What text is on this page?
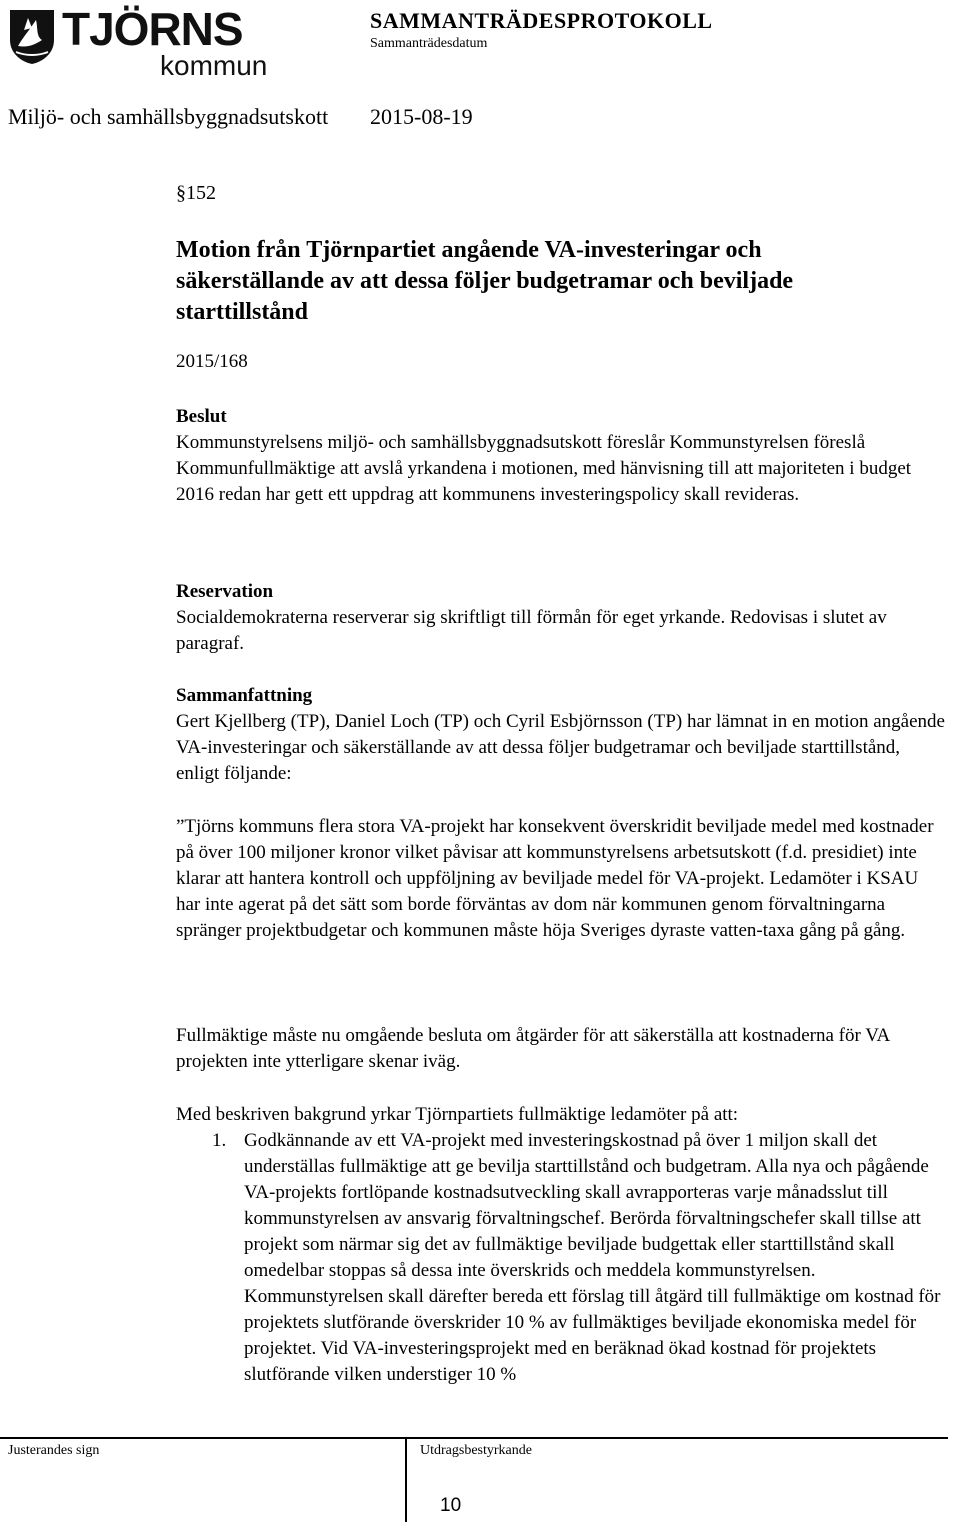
TJÖRNS
kommun
SAMMANTRÄDESPROTOKOLL
Sammanträdesdatum
Miljö- och samhällsbyggnadsutskott 2015-08-19
§152
Motion från Tjörnpartiet angående VA-investeringar och säkerställande av att dessa följer budgetramar och beviljade starttillstånd
2015/168

Beslut

Kommunstyrelsens miljö- och samhällsbyggnadsutskott föreslår Kommunstyrelsen föreslå Kommunfullmäktige att avslå yrkandena i motionen, med hänvisning till att majoriteten i budget 2016 redan har gett ett uppdrag att kommunens investeringspolicy skall revideras.

Reservation

Socialdemokraterna reserverar sig skriftligt till förmån för eget yrkande. Redovisas i slutet av paragraf.

Sammanfattning

Gert Kjellberg (TP), Daniel Loch (TP) och Cyril Esbjörnsson (TP) har lämnat in en motion angående VA-investeringar och säkerställande av att dessa följer budgetramar och beviljade starttillstånd, enligt följande:

”Tjörns kommuns flera stora VA-projekt har konsekvent överskridit beviljade medel med kostnader på över 100 miljoner kronor vilket påvisar att kommunstyrelsens arbetsutskott (f.d. presidiet) inte klarar att hantera kontroll och uppföljning av beviljade medel för VA-projekt. Ledamöter i KSAU har inte agerat på det sätt som borde förväntas av dom när kommunen genom förvaltningarna spränger projektbudgetar och kommunen måste höja Sveriges dyraste vatten-taxa gång på gång.

Fullmäktige måste nu omgående besluta om åtgärder för att säkerställa att kostnaderna för VA projekten inte ytterligare skenar iväg.

Med beskriven bakgrund yrkar Tjörnpartiets fullmäktige ledamöter på att:

1. Godkännande av ett VA-projekt med investeringskostnad på över 1 miljon skall det underställas fullmäktige att ge bevilja starttillstånd och budgetram. Alla nya och pågående VA-projekts fortlöpande kostnadsutveckling skall avrapporteras varje månadsslut till kommunstyrelsen av ansvarig förvaltningschef. Berörda förvaltningschefer skall tillse att projekt som närmar sig det av fullmäktige beviljade budgettak eller starttillstånd skall omedelbar stoppas så dessa inte överskrids och meddela kommunstyrelsen. Kommunstyrelsen skall därefter bereda ett förslag till åtgärd till fullmäktige om kostnad för projektets slutförande överskrider 10 % av fullmäktiges beviljade ekonomiska medel för projektet. Vid VA-investeringsprojekt med en beräknad ökad kostnad för projektets slutförande vilken understiger 10 %

Justerandes sign	Utdragsbestyrkande
10
